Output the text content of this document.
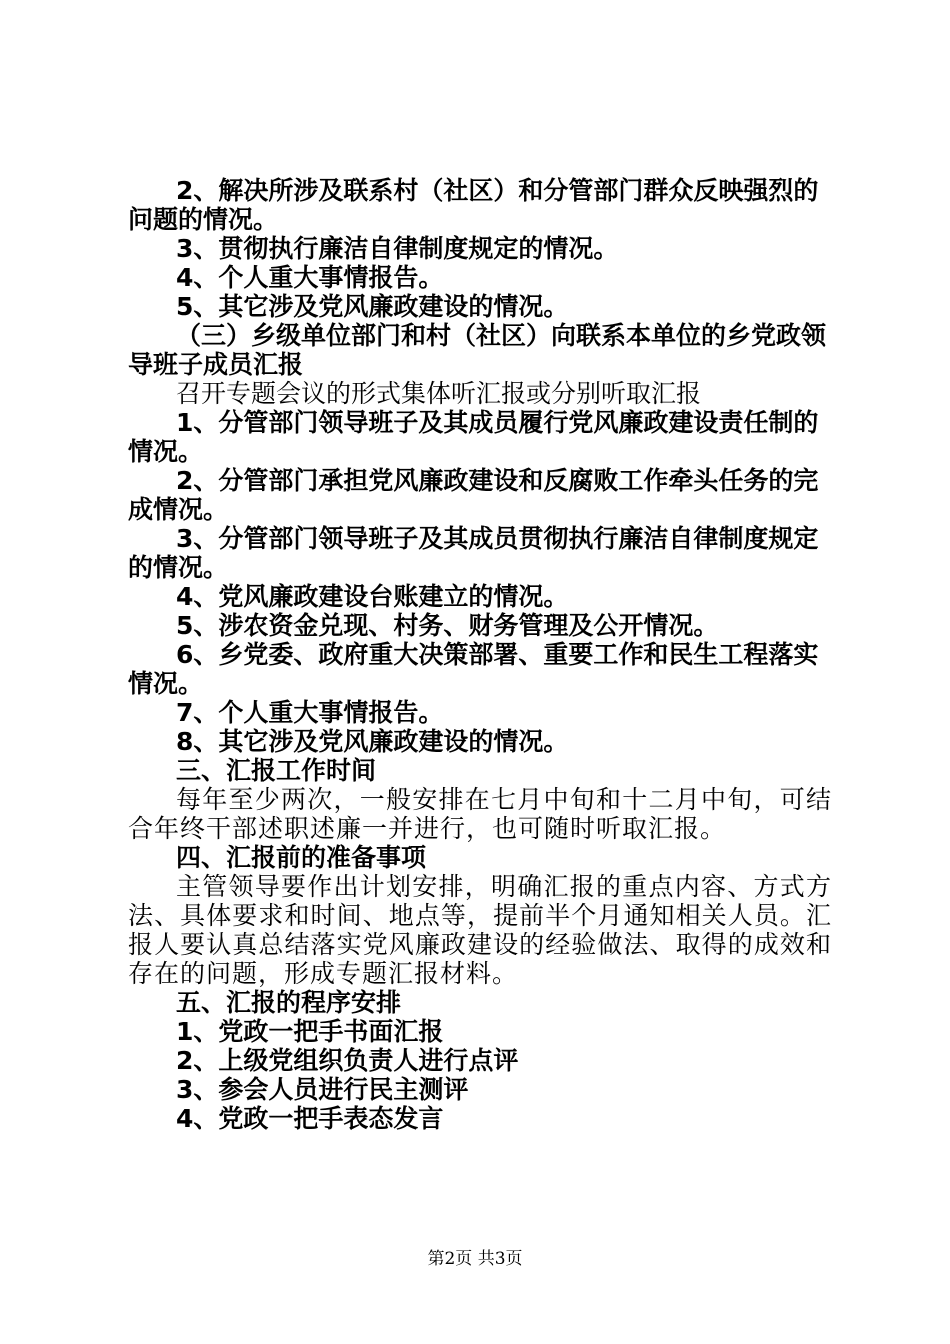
2、解决所涉及联系村（社区）和分管部门群众反映强烈的问题的情况。

3、贯彻执行廉洁自律制度规定的情况。

4、个人重大事情报告。

5、其它涉及党风廉政建设的情况。

（三）乡级单位部门和村（社区）向联系本单位的乡党政领导班子成员汇报

召开专题会议的形式集体听汇报或分别听取汇报

1、分管部门领导班子及其成员履行党风廉政建设责任制的情况。

2、分管部门承担党风廉政建设和反腐败工作牵头任务的完成情况。

3、分管部门领导班子及其成员贯彻执行廉洁自律制度规定的情况。

4、党风廉政建设台账建立的情况。

5、涉农资金兑现、村务、财务管理及公开情况。

6、乡党委、政府重大决策部署、重要工作和民生工程落实情况。

7、个人重大事情报告。

8、其它涉及党风廉政建设的情况。

三、汇报工作时间

每年至少两次，一般安排在七月中旬和十二月中旬，可结合年终干部述职述廉一并进行，也可随时听取汇报。

四、汇报前的准备事项

主管领导要作出计划安排，明确汇报的重点内容、方式方法、具体要求和时间、地点等，提前半个月通知相关人员。汇报人要认真总结落实党风廉政建设的经验做法、取得的成效和存在的问题，形成专题汇报材料。

五、汇报的程序安排

1、党政一把手书面汇报

2、上级党组织负责人进行点评

3、参会人员进行民主测评

4、党政一把手表态发言

第2页 共3页
